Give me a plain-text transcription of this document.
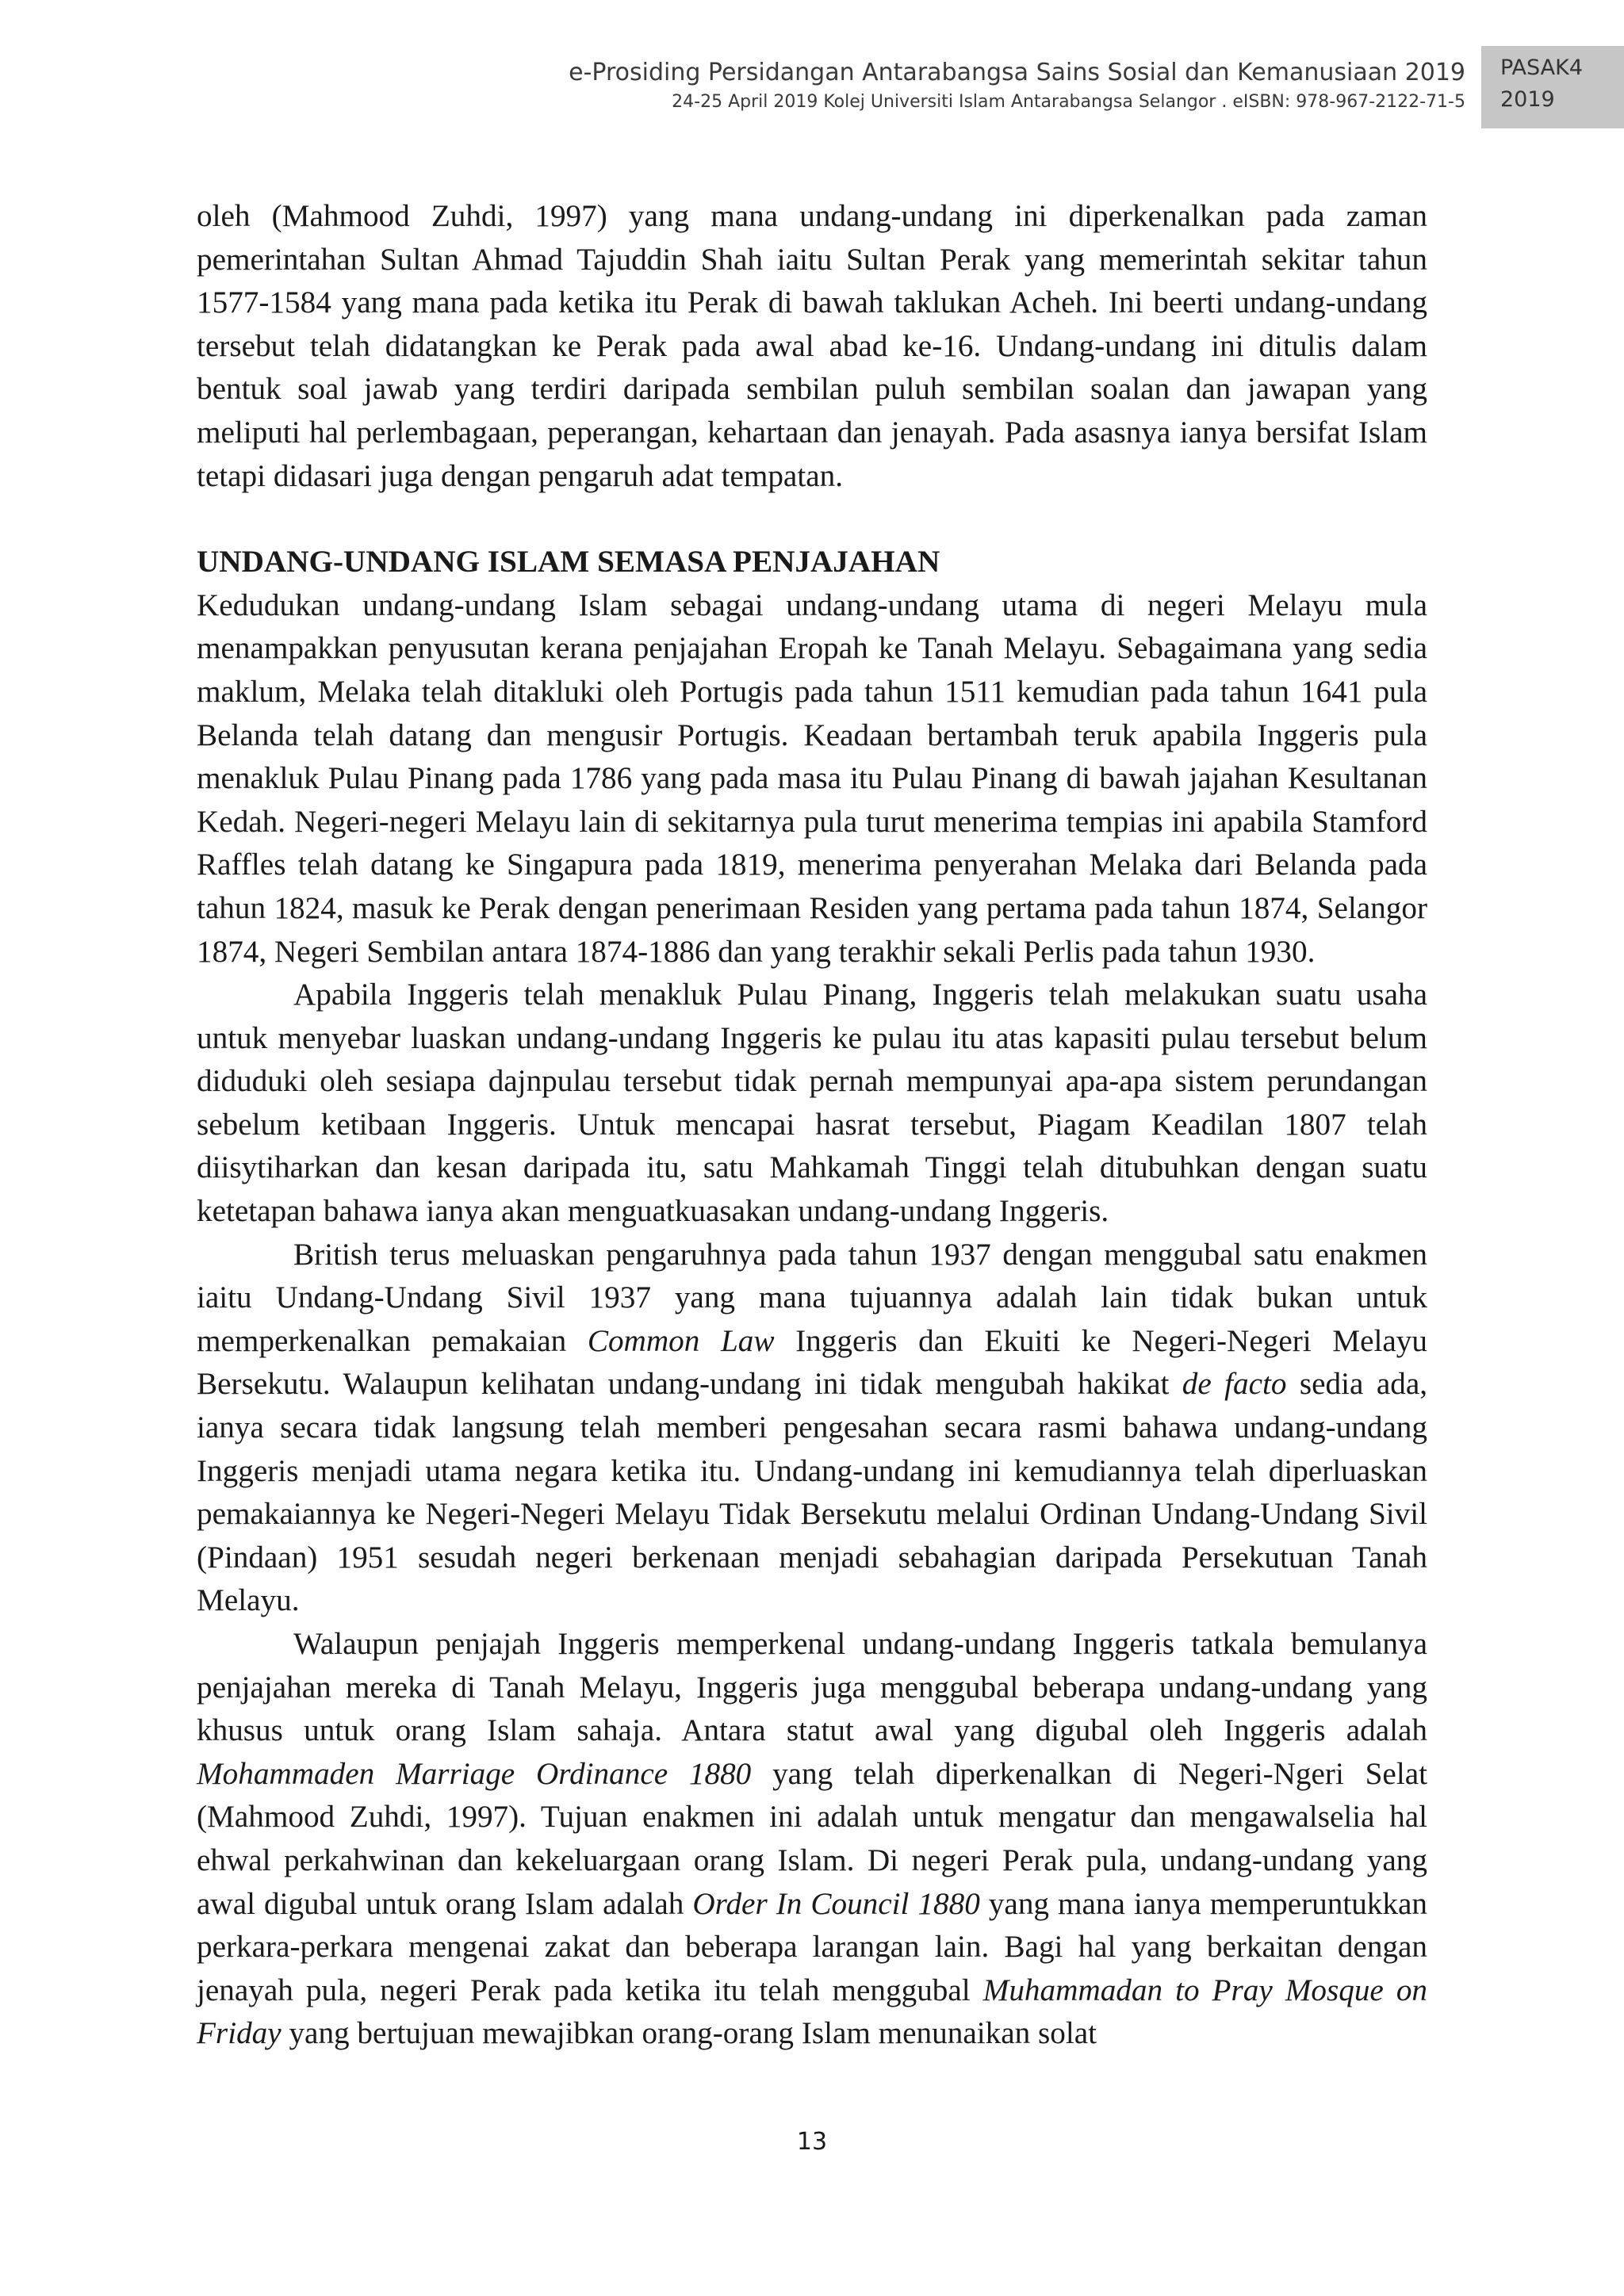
e-Prosiding Persidangan Antarabangsa Sains Sosial dan Kemanusiaan 2019
24-25 April 2019 Kolej Universiti Islam Antarabangsa Selangor . eISBN: 978-967-2122-71-5
PASAK4
2019

oleh (Mahmood Zuhdi, 1997) yang mana undang-undang ini diperkenalkan pada zaman pemerintahan Sultan Ahmad Tajuddin Shah iaitu Sultan Perak yang memerintah sekitar tahun 1577-1584 yang mana pada ketika itu Perak di bawah taklukan Acheh. Ini beerti undang-undang tersebut telah didatangkan ke Perak pada awal abad ke-16. Undang-undang ini ditulis dalam bentuk soal jawab yang terdiri daripada sembilan puluh sembilan soalan dan jawapan yang meliputi hal perlembagaan, peperangan, kehartaan dan jenayah. Pada asasnya ianya bersifat Islam tetapi didasari juga dengan pengaruh adat tempatan.

UNDANG-UNDANG ISLAM SEMASA PENJAJAHAN

Kedudukan undang-undang Islam sebagai undang-undang utama di negeri Melayu mula menampakkan penyusutan kerana penjajahan Eropah ke Tanah Melayu. Sebagaimana yang sedia maklum, Melaka telah ditakluki oleh Portugis pada tahun 1511 kemudian pada tahun 1641 pula Belanda telah datang dan mengusir Portugis. Keadaan bertambah teruk apabila Inggeris pula menakluk Pulau Pinang pada 1786 yang pada masa itu Pulau Pinang di bawah jajahan Kesultanan Kedah. Negeri-negeri Melayu lain di sekitarnya pula turut menerima tempias ini apabila Stamford Raffles telah datang ke Singapura pada 1819, menerima penyerahan Melaka dari Belanda pada tahun 1824, masuk ke Perak dengan penerimaan Residen yang pertama pada tahun 1874, Selangor 1874, Negeri Sembilan antara 1874-1886 dan yang terakhir sekali Perlis pada tahun 1930.

Apabila Inggeris telah menakluk Pulau Pinang, Inggeris telah melakukan suatu usaha untuk menyebar luaskan undang-undang Inggeris ke pulau itu atas kapasiti pulau tersebut belum diduduki oleh sesiapa dajnpulau tersebut tidak pernah mempunyai apa-apa sistem perundangan sebelum ketibaan Inggeris. Untuk mencapai hasrat tersebut, Piagam Keadilan 1807 telah diisytiharkan dan kesan daripada itu, satu Mahkamah Tinggi telah ditubuhkan dengan suatu ketetapan bahawa ianya akan menguatkuasakan undang-undang Inggeris.

British terus meluaskan pengaruhnya pada tahun 1937 dengan menggubal satu enakmen iaitu Undang-Undang Sivil 1937 yang mana tujuannya adalah lain tidak bukan untuk memperkenalkan pemakaian Common Law Inggeris dan Ekuiti ke Negeri-Negeri Melayu Bersekutu. Walaupun kelihatan undang-undang ini tidak mengubah hakikat de facto sedia ada, ianya secara tidak langsung telah memberi pengesahan secara rasmi bahawa undang-undang Inggeris menjadi utama negara ketika itu. Undang-undang ini kemudiannya telah diperluaskan pemakaiannya ke Negeri-Negeri Melayu Tidak Bersekutu melalui Ordinan Undang-Undang Sivil (Pindaan) 1951 sesudah negeri berkenaan menjadi sebahagian daripada Persekutuan Tanah Melayu.

Walaupun penjajah Inggeris memperkenal undang-undang Inggeris tatkala bemulanya penjajahan mereka di Tanah Melayu, Inggeris juga menggubal beberapa undang-undang yang khusus untuk orang Islam sahaja. Antara statut awal yang digubal oleh Inggeris adalah Mohammaden Marriage Ordinance 1880 yang telah diperkenalkan di Negeri-Ngeri Selat (Mahmood Zuhdi, 1997). Tujuan enakmen ini adalah untuk mengatur dan mengawalselia hal ehwal perkahwinan dan kekeluargaan orang Islam. Di negeri Perak pula, undang-undang yang awal digubal untuk orang Islam adalah Order In Council 1880 yang mana ianya memperuntukkan perkara-perkara mengenai zakat dan beberapa larangan lain. Bagi hal yang berkaitan dengan jenayah pula, negeri Perak pada ketika itu telah menggubal Muhammadan to Pray Mosque on Friday yang bertujuan mewajibkan orang-orang Islam menunaikan solat

13
